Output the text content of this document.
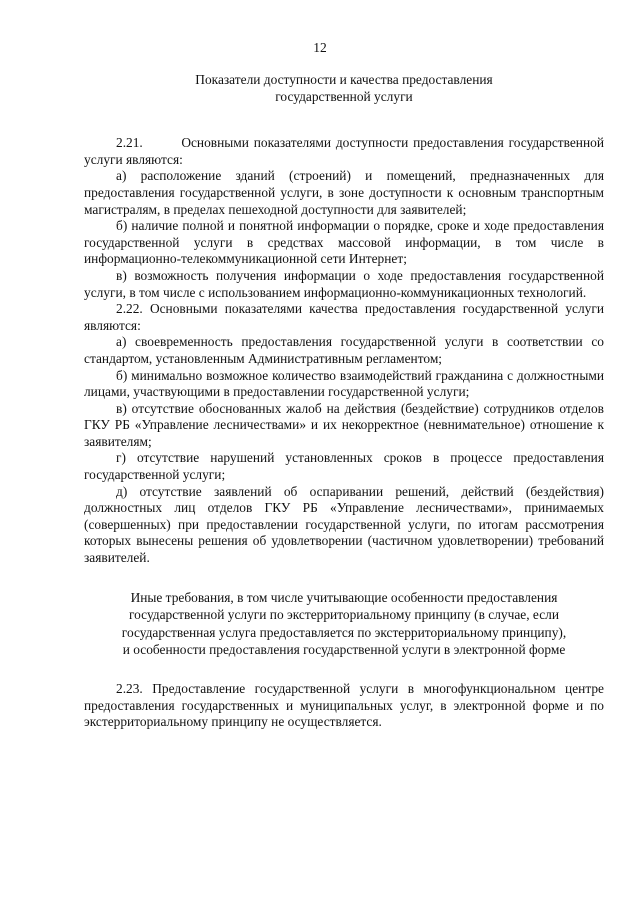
12
Показатели доступности и качества предоставления
государственной услуги

2.21.        Основными показателями доступности предоставления государственной услуги являются:

а) расположение зданий (строений) и помещений, предназначенных для предоставления государственной услуги, в зоне доступности к основным транспортным магистралям, в пределах пешеходной доступности для заявителей;

б) наличие полной и понятной информации о порядке, сроке и ходе предоставления государственной услуги в средствах массовой информации, в том числе в информационно-телекоммуникационной сети Интернет;

в) возможность получения информации о ходе предоставления государственной услуги, в том числе с использованием информационно-коммуникационных технологий.

2.22. Основными показателями качества предоставления государственной услуги являются:

а) своевременность предоставления государственной услуги в соответствии со стандартом, установленным Административным регламентом;

б) минимально возможное количество взаимодействий гражданина с должностными лицами, участвующими в предоставлении государственной услуги;

в) отсутствие обоснованных жалоб на действия (бездействие) сотрудников отделов ГКУ РБ «Управление лесничествами» и их некорректное (невнимательное) отношение к заявителям;

г) отсутствие нарушений установленных сроков в процессе предоставления государственной услуги;

д) отсутствие заявлений об оспаривании решений, действий (бездействия) должностных лиц отделов ГКУ РБ «Управление лесничествами», принимаемых (совершенных) при предоставлении государственной услуги, по итогам рассмотрения которых вынесены решения об удовлетворении (частичном удовлетворении) требований заявителей.

Иные требования, в том числе учитывающие особенности предоставления
государственной услуги по экстерриториальному принципу (в случае, если
государственная услуга предоставляется по экстерриториальному принципу),
и особенности предоставления государственной услуги в электронной форме

2.23. Предоставление государственной услуги в многофункциональном центре предоставления государственных и муниципальных услуг, в электронной форме и по экстерриториальному принципу не осуществляется.
